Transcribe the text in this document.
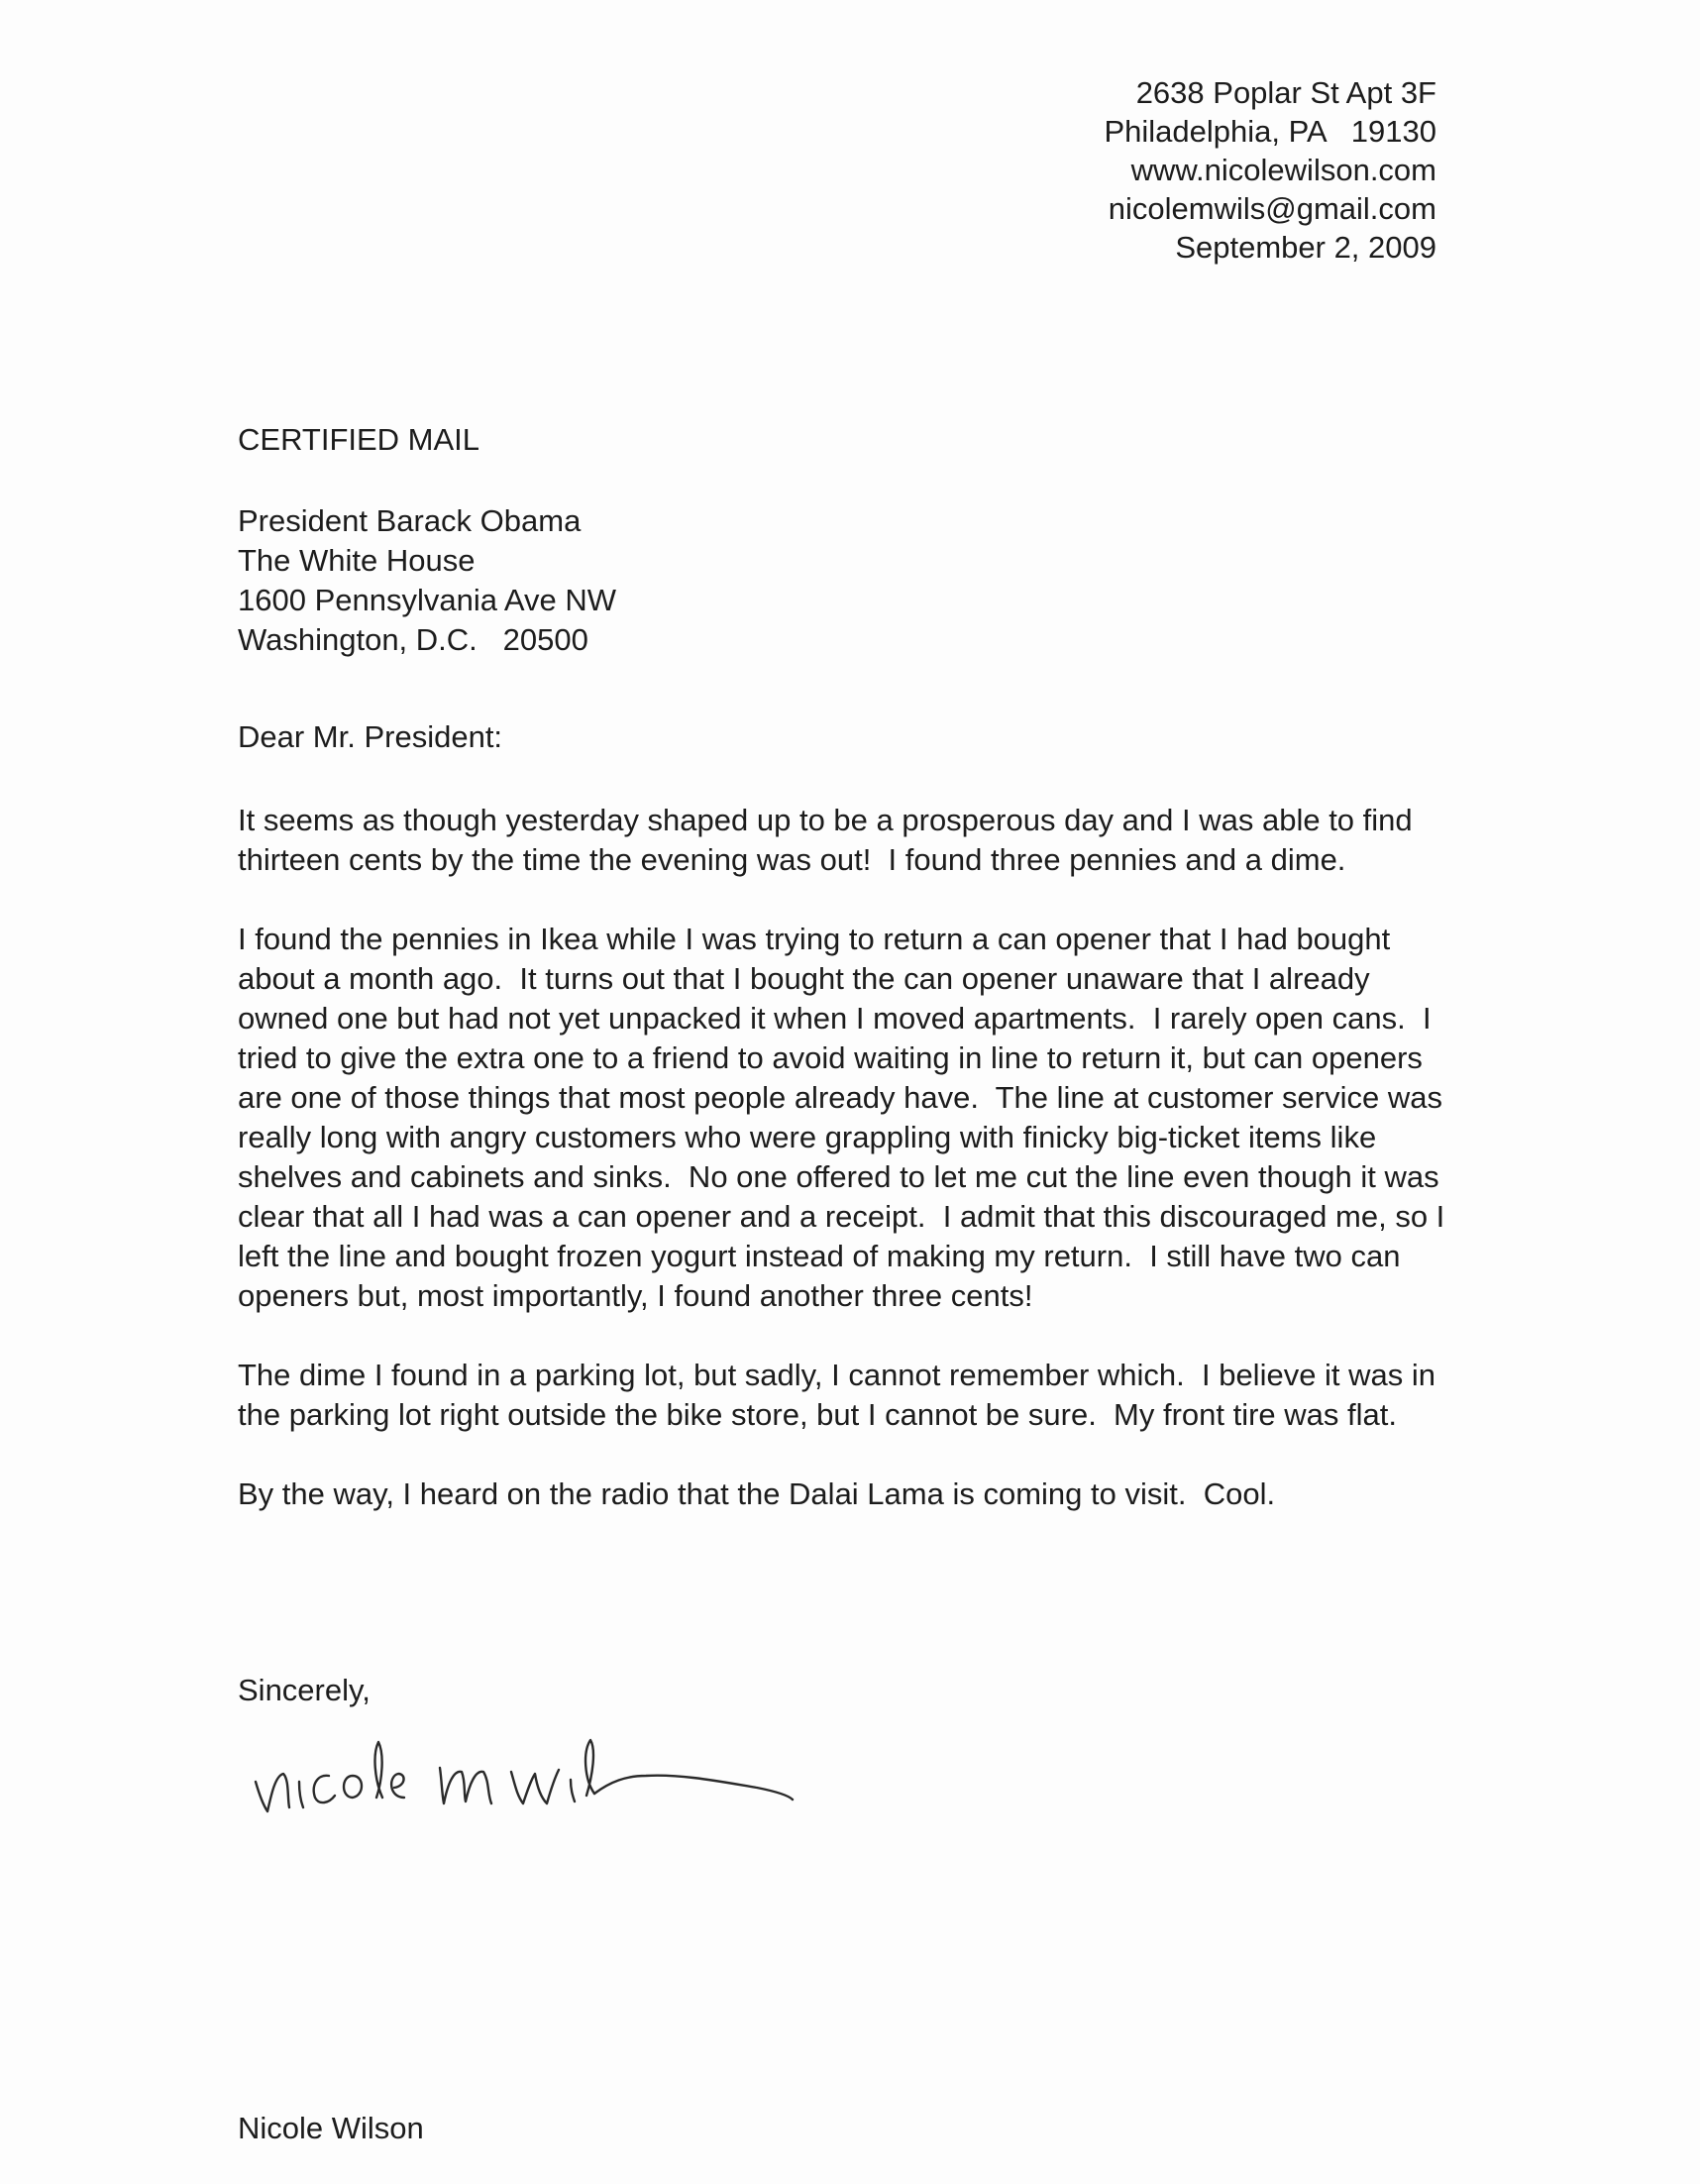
2638 Poplar St Apt 3F
Philadelphia, PA   19130
www.nicolewilson.com
nicolemwils@gmail.com
September 2, 2009
CERTIFIED MAIL
President Barack Obama
The White House
1600 Pennsylvania Ave NW
Washington, D.C.   20500
Dear Mr. President:

It seems as though yesterday shaped up to be a prosperous day and I was able to find thirteen cents by the time the evening was out!  I found three pennies and a dime.

I found the pennies in Ikea while I was trying to return a can opener that I had bought about a month ago.  It turns out that I bought the can opener unaware that I already owned one but had not yet unpacked it when I moved apartments.  I rarely open cans.  I tried to give the extra one to a friend to avoid waiting in line to return it, but can openers are one of those things that most people already have.  The line at customer service was really long with angry customers who were grappling with finicky big-ticket items like shelves and cabinets and sinks.  No one offered to let me cut the line even though it was clear that all I had was a can opener and a receipt.  I admit that this discouraged me, so I left the line and bought frozen yogurt instead of making my return.  I still have two can openers but, most importantly, I found another three cents!

The dime I found in a parking lot, but sadly, I cannot remember which.  I believe it was in the parking lot right outside the bike store, but I cannot be sure.  My front tire was flat.

By the way, I heard on the radio that the Dalai Lama is coming to visit.  Cool.

Sincerely,
Nicole Wilson
